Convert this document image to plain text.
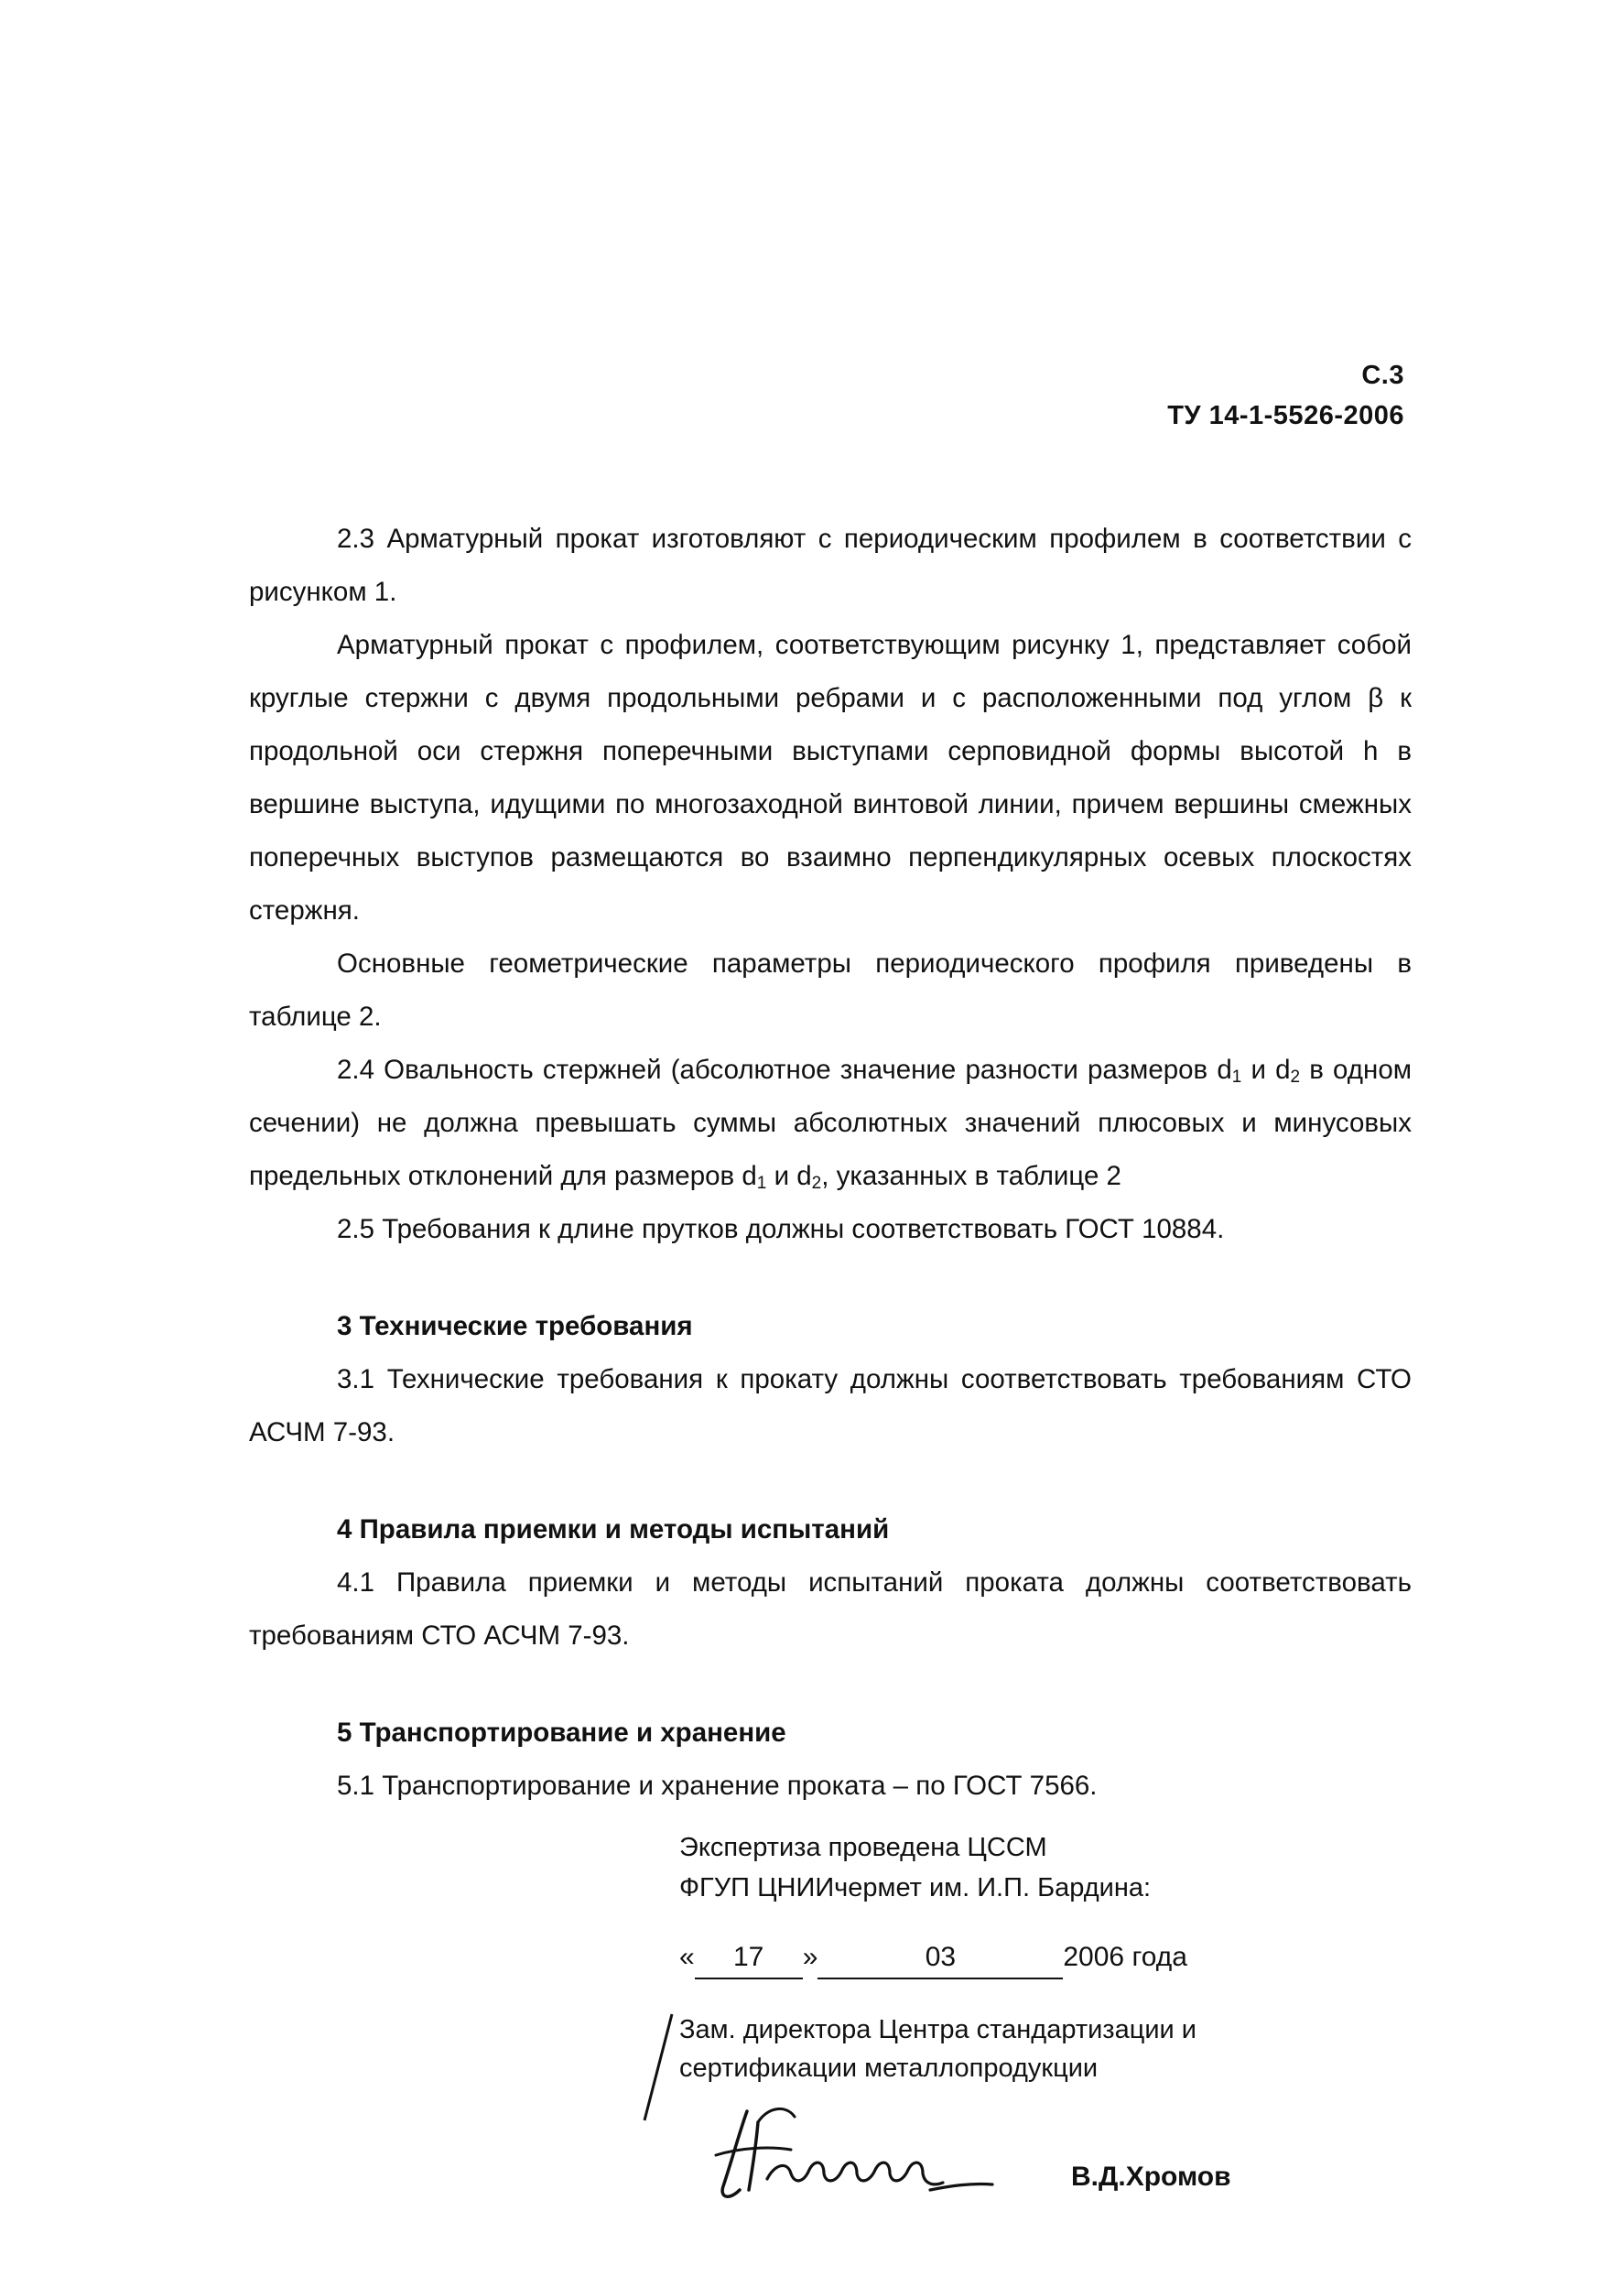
С.3
ТУ 14-1-5526-2006

2.3 Арматурный прокат изготовляют с периодическим профилем в соответствии с рисунком 1.

Арматурный прокат с профилем, соответствующим рисунку 1, представляет собой круглые стержни с двумя продольными ребрами и с расположенными под углом β к продольной оси стержня поперечными выступами серповидной формы высотой h в вершине выступа, идущими по многозаходной винтовой линии, причем вершины смежных поперечных выступов размещаются во взаимно перпендикулярных осевых плоскостях стержня.

Основные геометрические параметры периодического профиля приведены в таблице 2.

2.4 Овальность стержней (абсолютное значение разности размеров $d_1$ и $d_2$ в одном сечении) не должна превышать суммы абсолютных значений плюсовых и минусовых предельных отклонений для размеров $d_1$ и $d_2$, указанных в таблице 2

2.5 Требования к длине прутков должны соответствовать ГОСТ 10884.

3 Технические требования

3.1 Технические требования к прокату должны соответствовать требованиям СТО АСЧМ 7-93.

4 Правила приемки и методы испытаний

4.1 Правила приемки и методы испытаний проката должны соответствовать требованиям СТО АСЧМ 7-93.

5 Транспортирование и хранение

5.1 Транспортирование и хранение проката – по ГОСТ 7566.

Экспертиза проведена ЦССМ
ФГУП ЦНИИчермет им. И.П. Бардина:
« 17 »	03	2006 года
Зам. директора Центра стандартизации и
сертификации металлопродукции
В.Д.Хромов
